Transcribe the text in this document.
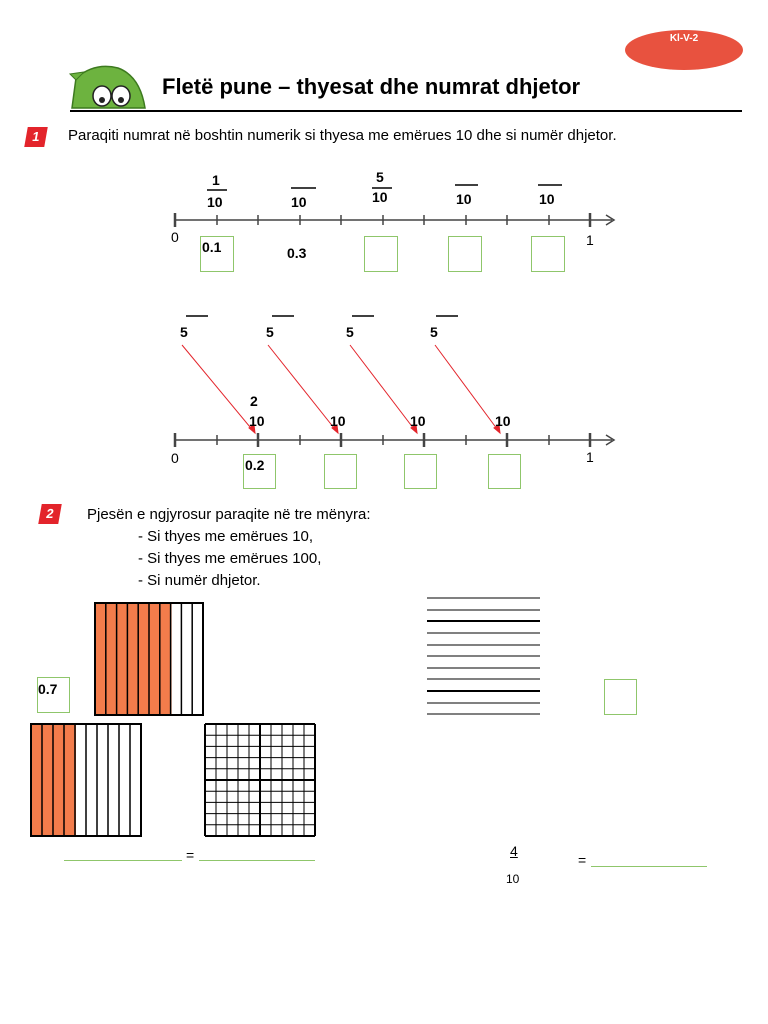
Kl-V-2
Fletë pune – thyesat dhe numrat dhjetor
1	Paraqiti numrat në boshtin numerik si thyesa me emërues 10 dhe si numër dhjetor.
1
10	10
5
10	10	10
0	1
0.1	0.3
5	5	5	5
2
10	10	10	10
0	1
0.2
2	Pjesën e ngjyrosur paraqite në tre mënyra:
- Si thyes me emërues 10,
- Si thyes me emërues 100,
- Si numër dhjetor.
0.7
=	4
10
=
